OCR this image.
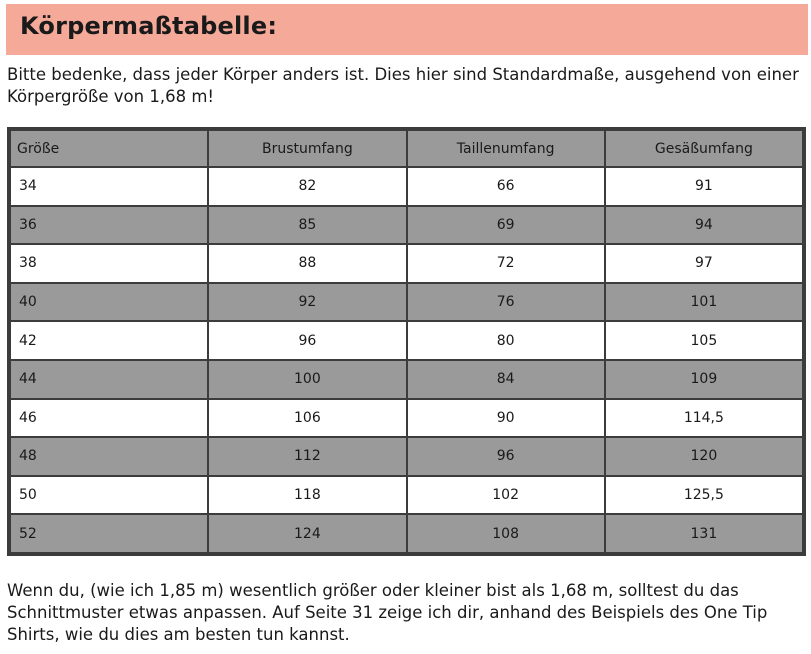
Körpermaßtabelle:
Bitte bedenke, dass jeder Körper anders ist. Dies hier sind Standardmaße, ausgehend von einer Körpergröße von 1,68 m!
Größe	Brustumfang	Taillenumfang	Gesäßumfang
34	82	66	91
36	85	69	94
38	88	72	97
40	92	76	101
42	96	80	105
44	100	84	109
46	106	90	114,5
48	112	96	120
50	118	102	125,5
52	124	108	131
Wenn du, (wie ich 1,85 m) wesentlich größer oder kleiner bist als 1,68 m, solltest du das Schnittmuster etwas anpassen. Auf Seite 31 zeige ich dir, anhand des Beispiels des One Tip Shirts, wie du dies am besten tun kannst.
